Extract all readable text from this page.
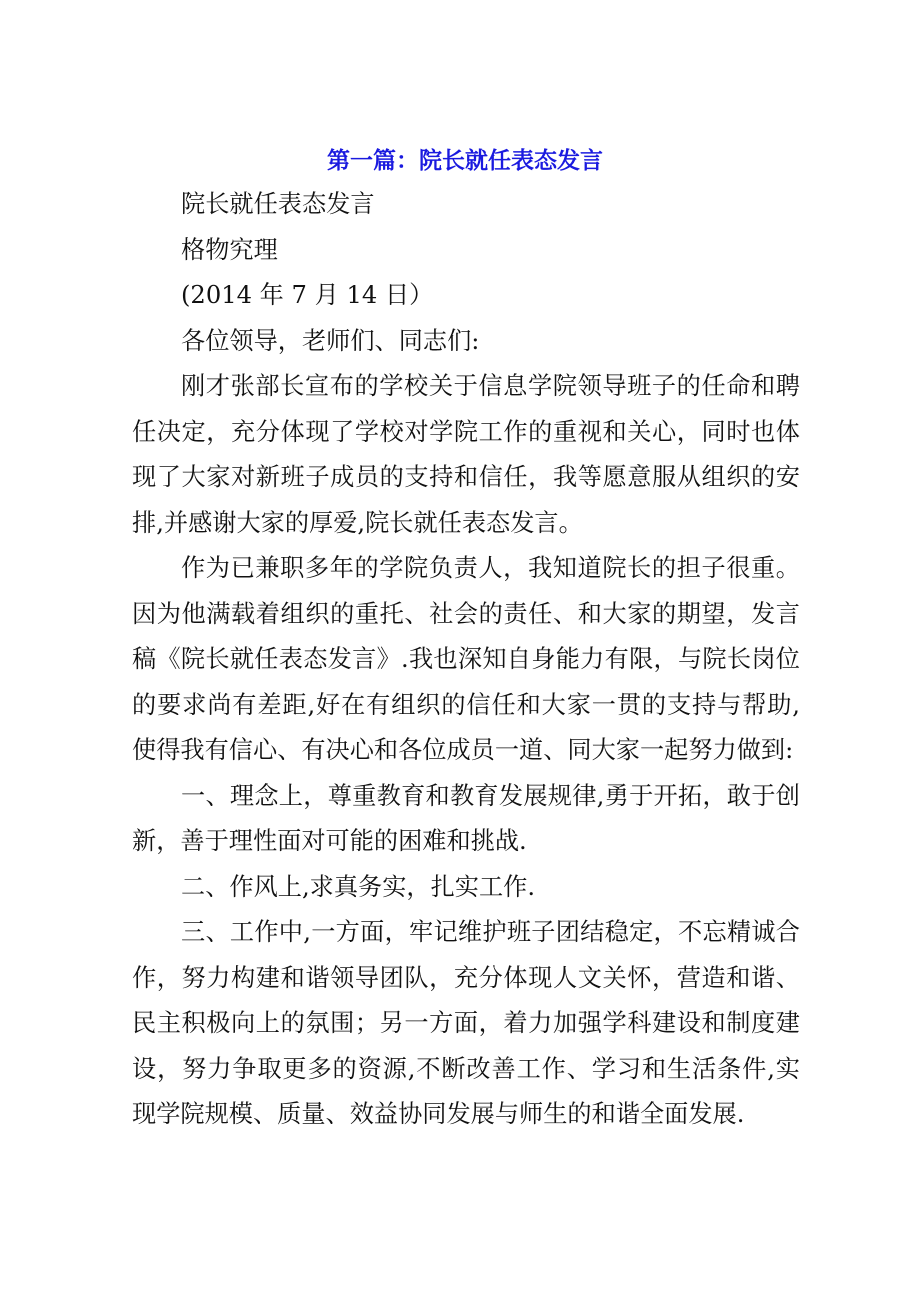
第一篇：院长就任表态发言

院长就任表态发言

格物究理

(2014 年 7 月 14 日）

各位领导，老师们、同志们:

刚才张部长宣布的学校关于信息学院领导班子的任命和聘任决定，充分体现了学校对学院工作的重视和关心，同时也体现了大家对新班子成员的支持和信任，我等愿意服从组织的安排,并感谢大家的厚爱,院长就任表态发言。

作为已兼职多年的学院负责人，我知道院长的担子很重。因为他满载着组织的重托、社会的责任、和大家的期望，发言稿《院长就任表态发言》.我也深知自身能力有限，与院长岗位的要求尚有差距,好在有组织的信任和大家一贯的支持与帮助,使得我有信心、有决心和各位成员一道、同大家一起努力做到:

一、理念上，尊重教育和教育发展规律,勇于开拓，敢于创新，善于理性面对可能的困难和挑战.

二、作风上,求真务实，扎实工作.

三、工作中,一方面，牢记维护班子团结稳定，不忘精诚合作，努力构建和谐领导团队，充分体现人文关怀，营造和谐、民主积极向上的氛围；另一方面，着力加强学科建设和制度建设，努力争取更多的资源,不断改善工作、学习和生活条件,实现学院规模、质量、效益协同发展与师生的和谐全面发展.
